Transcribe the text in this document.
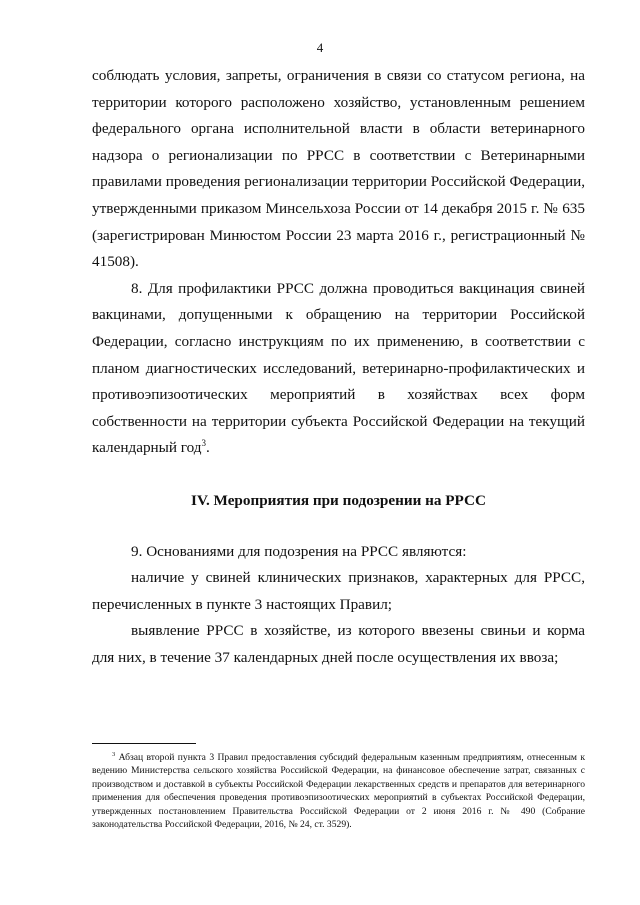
4

соблюдать условия, запреты, ограничения в связи со статусом региона, на территории которого расположено хозяйство, установленным решением федерального органа исполнительной власти в области ветеринарного надзора о регионализации по РРСС в соответствии с Ветеринарными правилами проведения регионализации территории Российской Федерации, утвержденными приказом Минсельхоза России от 14 декабря 2015 г. № 635 (зарегистрирован Минюстом России 23 марта 2016 г., регистрационный № 41508).

8. Для профилактики РРСС должна проводиться вакцинация свиней вакцинами, допущенными к обращению на территории Российской Федерации, согласно инструкциям по их применению, в соответствии с планом диагностических исследований, ветеринарно-профилактических и противоэпизоотических мероприятий в хозяйствах всех форм собственности на территории субъекта Российской Федерации на текущий календарный год$^3$.

IV. Мероприятия при подозрении на РРСС

9. Основаниями для подозрения на РРСС являются:

наличие у свиней клинических признаков, характерных для РРСС, перечисленных в пункте 3 настоящих Правил;

выявление РРСС в хозяйстве, из которого ввезены свиньи и корма для них, в течение 37 календарных дней после осуществления их ввоза;

$^3$ Абзац второй пункта 3 Правил предоставления субсидий федеральным казенным предприятиям, отнесенным к ведению Министерства сельского хозяйства Российской Федерации, на финансовое обеспечение затрат, связанных с производством и доставкой в субъекты Российской Федерации лекарственных средств и препаратов для ветеринарного применения для обеспечения проведения противоэпизоотических мероприятий в субъектах Российской Федерации, утвержденных постановлением Правительства Российской Федерации от 2 июня 2016 г. № 490 (Собрание законодательства Российской Федерации, 2016, № 24, ст. 3529).
